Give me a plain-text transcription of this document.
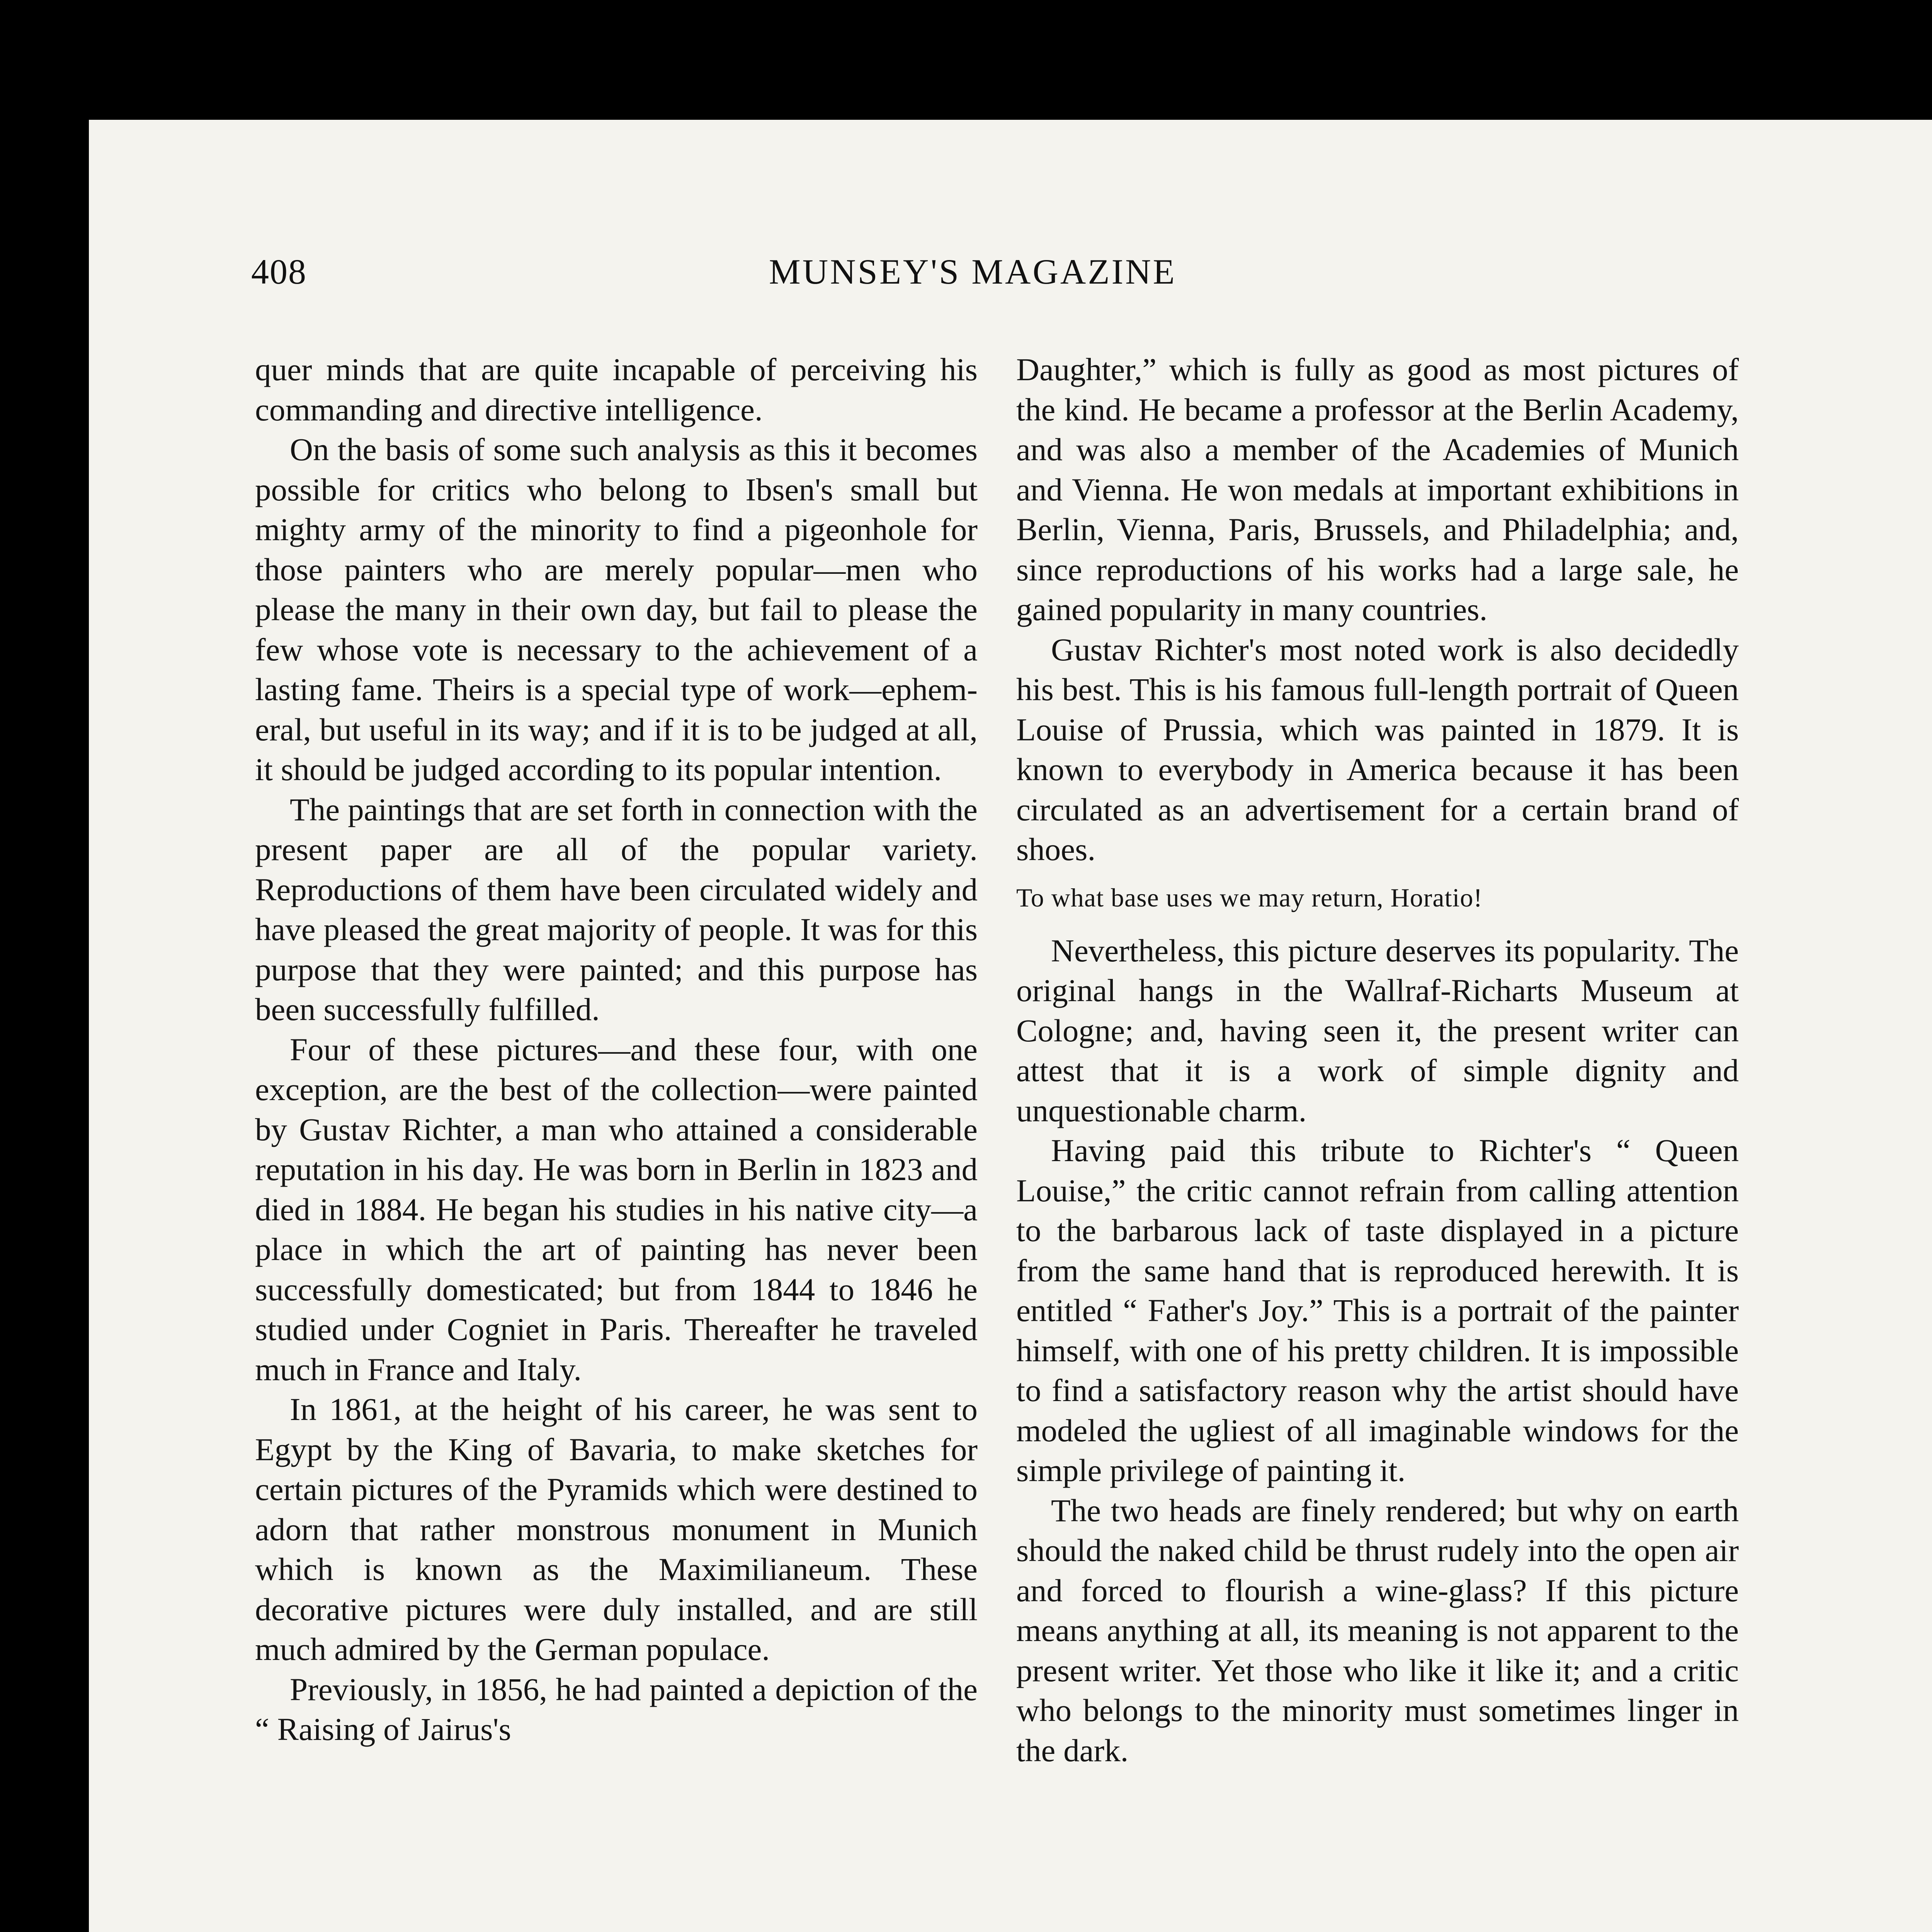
408	MUNSEY'S MAGAZINE

quer minds that are quite incapable of perceiving his commanding and directive intelligence.

On the basis of some such analysis as this it becomes possible for critics who belong to Ibsen's small but mighty army of the minority to find a pigeonhole for those painters who are merely popular—men who please the many in their own day, but fail to please the few whose vote is necessary to the achievement of a lasting fame. Theirs is a special type of work—ephemeral, but useful in its way; and if it is to be judged at all, it should be judged according to its popular intention.

The paintings that are set forth in connection with the present paper are all of the popular variety. Reproductions of them have been circulated widely and have pleased the great majority of people. It was for this purpose that they were painted; and this purpose has been successfully fulfilled.

Four of these pictures—and these four, with one exception, are the best of the collection—were painted by Gustav Richter, a man who attained a considerable reputation in his day. He was born in Berlin in 1823 and died in 1884. He began his studies in his native city—a place in which the art of painting has never been successfully domesticated; but from 1844 to 1846 he studied under Cogniet in Paris. Thereafter he traveled much in France and Italy.

In 1861, at the height of his career, he was sent to Egypt by the King of Bavaria, to make sketches for certain pictures of the Pyramids which were destined to adorn that rather monstrous monument in Munich which is known as the Maximilianeum. These decorative pictures were duly installed, and are still much admired by the German populace.

Previously, in 1856, he had painted a depiction of the “ Raising of Jairus's

Daughter,” which is fully as good as most pictures of the kind. He became a professor at the Berlin Academy, and was also a member of the Academies of Munich and Vienna. He won medals at important exhibitions in Berlin, Vienna, Paris, Brussels, and Philadelphia; and, since reproductions of his works had a large sale, he gained popularity in many countries.

Gustav Richter's most noted work is also decidedly his best. This is his famous full-length portrait of Queen Louise of Prussia, which was painted in 1879. It is known to everybody in America because it has been circulated as an advertisement for a certain brand of shoes.

To what base uses we may return, Horatio!

Nevertheless, this picture deserves its popularity. The original hangs in the Wallraf-Richarts Museum at Cologne; and, having seen it, the present writer can attest that it is a work of simple dignity and unquestionable charm.

Having paid this tribute to Richter's “ Queen Louise,” the critic cannot refrain from calling attention to the barbarous lack of taste displayed in a picture from the same hand that is reproduced herewith. It is entitled “ Father's Joy.” This is a portrait of the painter himself, with one of his pretty children. It is impossible to find a satisfactory reason why the artist should have modeled the ugliest of all imaginable windows for the simple privilege of painting it.

The two heads are finely rendered; but why on earth should the naked child be thrust rudely into the open air and forced to flourish a wine-glass? If this picture means anything at all, its meaning is not apparent to the present writer. Yet those who like it like it; and a critic who belongs to the minority must sometimes linger in the dark.
